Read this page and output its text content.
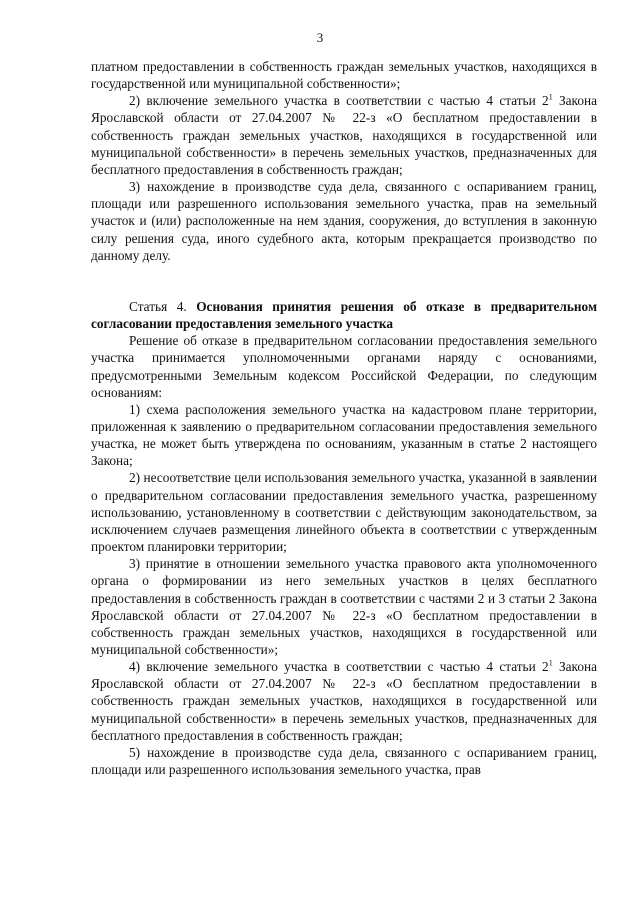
3

платном предоставлении в собственность граждан земельных участков, находящихся в государственной или муниципальной собственности»;

2) включение земельного участка в соответствии с частью 4 статьи $2^1$ Закона Ярославской области от 27.04.2007 № 22-з «О бесплатном предоставлении в собственность граждан земельных участков, находящихся в государственной или муниципальной собственности» в перечень земельных участков, предназначенных для бесплатного предоставления в собственность граждан;

3) нахождение в производстве суда дела, связанного с оспариванием границ, площади или разрешенного использования земельного участка, прав на земельный участок и (или) расположенные на нем здания, сооружения, до вступления в законную силу решения суда, иного судебного акта, которым прекращается производство по данному делу.

Статья 4. Основания принятия решения об отказе в предварительном согласовании предоставления земельного участка

Решение об отказе в предварительном согласовании предоставления земельного участка принимается уполномоченными органами наряду с основаниями, предусмотренными Земельным кодексом Российской Федерации, по следующим основаниям:

1) схема расположения земельного участка на кадастровом плане территории, приложенная к заявлению о предварительном согласовании предоставления земельного участка, не может быть утверждена по основаниям, указанным в статье 2 настоящего Закона;

2) несоответствие цели использования земельного участка, указанной в заявлении о предварительном согласовании предоставления земельного участка, разрешенному использованию, установленному в соответствии с действующим законодательством, за исключением случаев размещения линейного объекта в соответствии с утвержденным проектом планировки территории;

3) принятие в отношении земельного участка правового акта уполномоченного органа о формировании из него земельных участков в целях бесплатного предоставления в собственность граждан в соответствии с частями 2 и 3 статьи 2 Закона Ярославской области от 27.04.2007 № 22-з «О бесплатном предоставлении в собственность граждан земельных участков, находящихся в государственной или муниципальной собственности»;

4) включение земельного участка в соответствии с частью 4 статьи $2^1$ Закона Ярославской области от 27.04.2007 № 22-з «О бесплатном предоставлении в собственность граждан земельных участков, находящихся в государственной или муниципальной собственности» в перечень земельных участков, предназначенных для бесплатного предоставления в собственность граждан;

5) нахождение в производстве суда дела, связанного с оспариванием границ, площади или разрешенного использования земельного участка, прав
